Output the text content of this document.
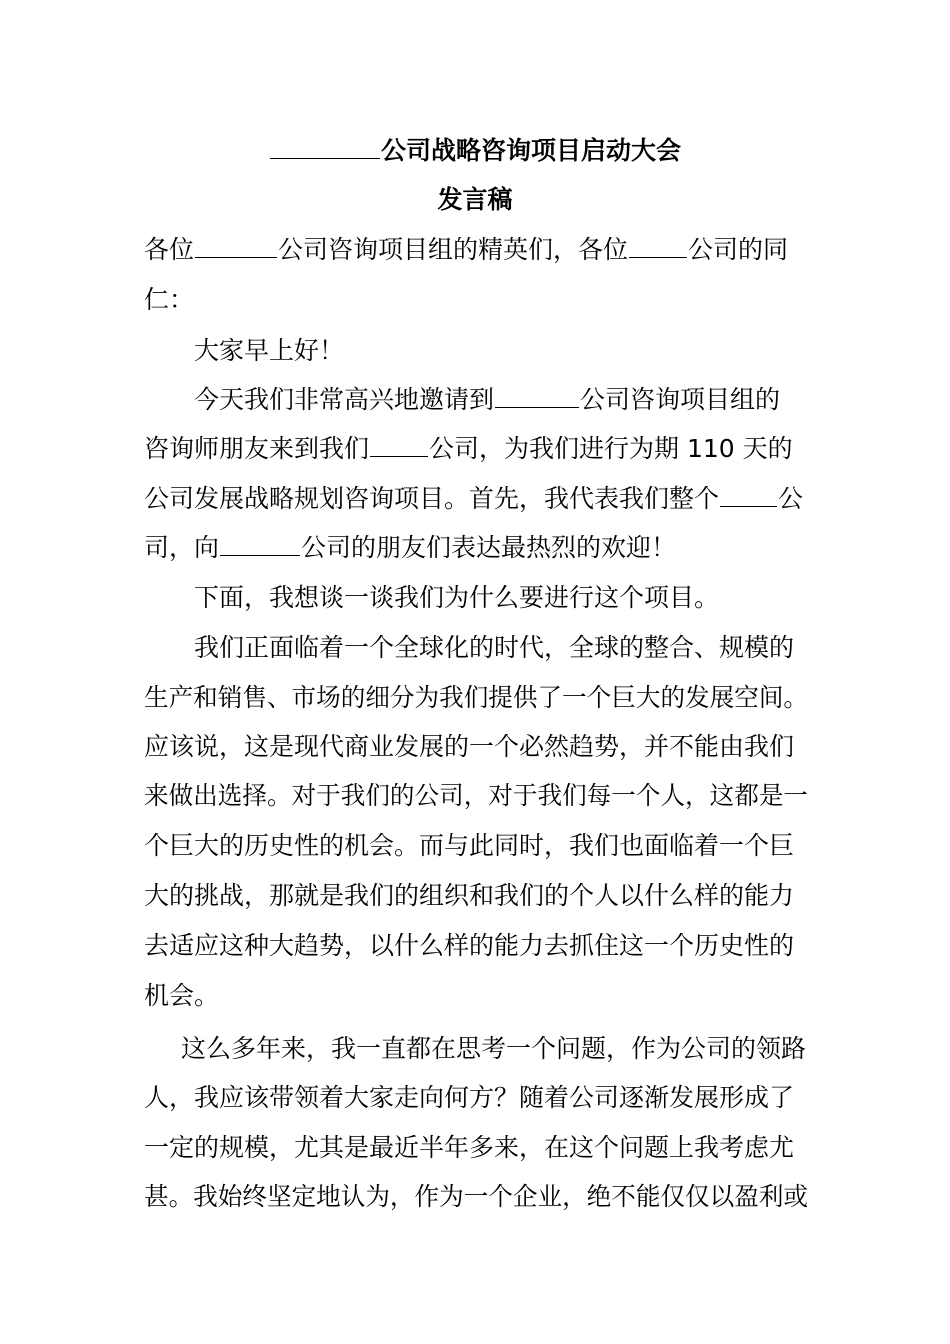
公司战略咨询项目启动大会
发言稿
各位	公司咨询项目组的精英们，各位 公司的同
仁：
大家早上好！
今天我们非常高兴地邀请到	公司咨询项目组的
咨询师朋友来到我们 公司，为我们进行为期 110 天的
公司发展战略规划咨询项目。首先，我代表我们整个 公
司，向	公司的朋友们表达最热烈的欢迎！
下面，我想谈一谈我们为什么要进行这个项目。
我们正面临着一个全球化的时代，全球的整合、规模的
生产和销售、市场的细分为我们提供了一个巨大的发展空间。
应该说，这是现代商业发展的一个必然趋势，并不能由我们
来做出选择。对于我们的公司，对于我们每一个人，这都是一
个巨大的历史性的机会。而与此同时，我们也面临着一个巨
大的挑战，那就是我们的组织和我们的个人以什么样的能力
去适应这种大趋势，以什么样的能力去抓住这一个历史性的
机会。
这么多年来，我一直都在思考一个问题，作为公司的领路
人，我应该带领着大家走向何方？随着公司逐渐发展形成了
一定的规模，尤其是最近半年多来，在这个问题上我考虑尤
甚。我始终坚定地认为，作为一个企业，绝不能仅仅以盈利或
